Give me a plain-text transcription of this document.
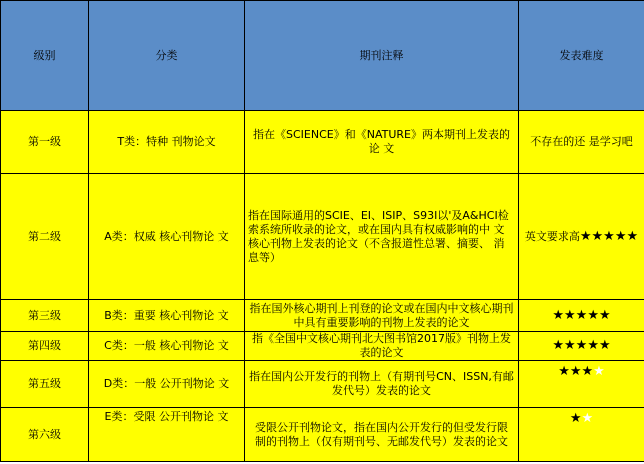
级别	分类	期刊注释	发表难度
第一级	T类：特种 刊物论文	指在《SCIENCE》和《NATURE》两本期刊上发表的论 文	不存在的还 是学习吧
第二级	A类：权威 核心刊物论 文	指在国际通用的SCIE、EI、ISIP、S93I以'及A&HCI检索系统所收录的论文，或在国内具有权威影响的中 文核心刊物上发表的论文（不含报道性总署、摘要、 消息等）	英文要求高★★★★★
第三级	B类：重要 核心刊物论 文	指在国外核心期刊上刊登的论文或在国内中文核心期刊中具有重要影响的刊物上发表的论文	★★★★★
第四级	C类：一般 核心刊物论 文	指《全国中文核心期刊北大图书馆2017版》刊物上发表的论文	★★★★★
第五级	D类：一般 公开刊物论 文	指在国内公开发行的刊物上（有期刊号CN、ISSN,有邮发代号）发表的论文	★★★★
第六级	E类：受限 公开刊物论 文	受限公开刊物论文，指在国内公开发行的但受发行限 制的刊物上（仅有期刊号、无邮发代号）发表的论文	★★
